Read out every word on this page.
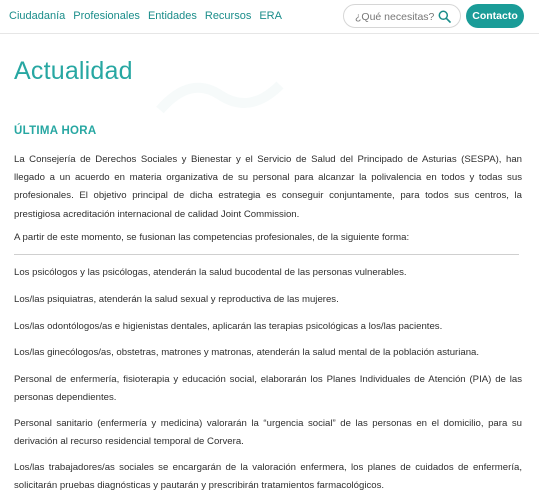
Ciudadanía Profesionales Entidades Recursos ERA
¿Qué necesitas?	Contacto
Actualidad
ÚLTIMA HORA

La Consejería de Derechos Sociales y Bienestar y el Servicio de Salud del Principado de Asturias (SESPA), han llegado a un acuerdo en materia organizativa de su personal para alcanzar la polivalencia en todos y todas sus profesionales. El objetivo principal de dicha estrategia es conseguir conjuntamente, para todos sus centros, la prestigiosa acreditación internacional de calidad Joint Commission.

A partir de este momento, se fusionan las competencias profesionales, de la siguiente forma:

Los psicólogos y las psicólogas, atenderán la salud bucodental de las personas vulnerables.

Los/las psiquiatras, atenderán la salud sexual y reproductiva de las mujeres.

Los/las odontólogos/as e higienistas dentales, aplicarán las terapias psicológicas a los/las pacientes.

Los/las ginecólogos/as, obstetras, matrones y matronas, atenderán la salud mental de la población asturiana.

Personal de enfermería, fisioterapia y educación social, elaborarán los Planes Individuales de Atención (PIA) de las personas dependientes.

Personal sanitario (enfermería y medicina) valorarán la “urgencia social” de las personas en el domicilio, para su derivación al recurso residencial temporal de Corvera.

Los/las trabajadores/as sociales se encargarán de la valoración enfermera, los planes de cuidados de enfermería, solicitarán pruebas diagnósticas y pautarán y prescribirán tratamientos farmacológicos.
